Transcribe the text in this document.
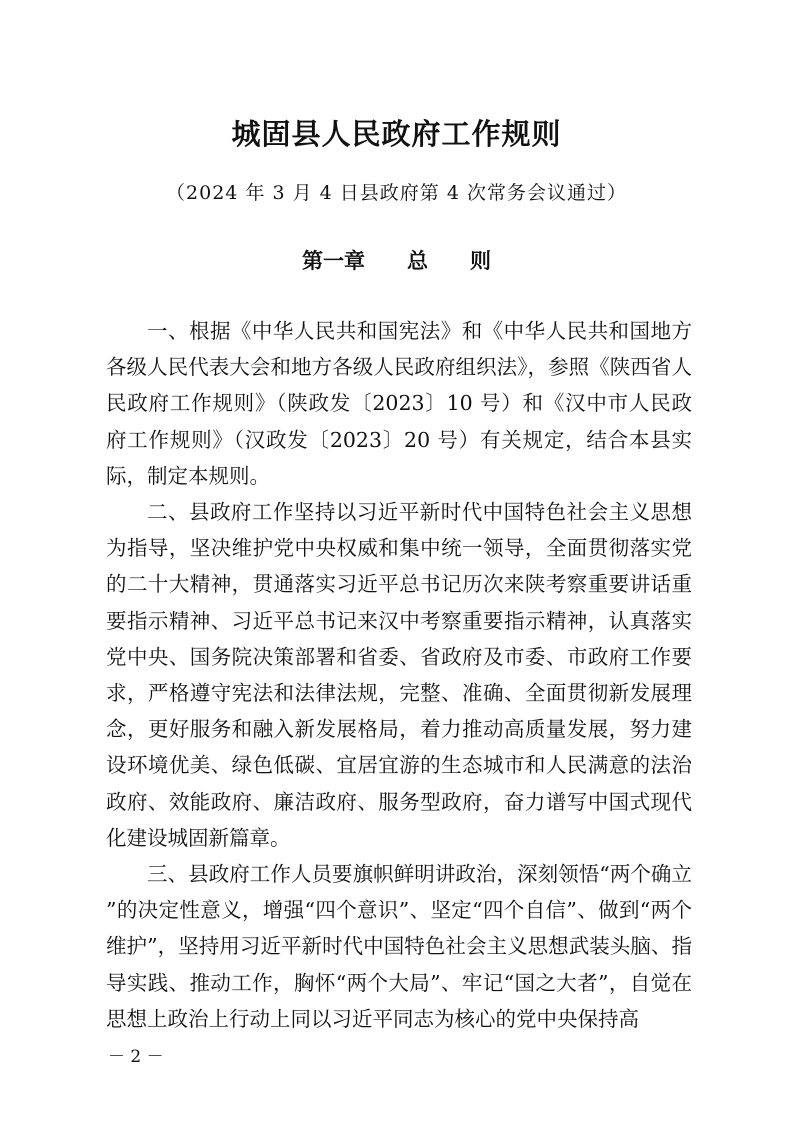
城固县人民政府工作规则

（2024 年 3 月 4 日县政府第 4 次常务会议通过）

第一章　　总　　则

一、根据《中华人民共和国宪法》和《中华人民共和国地方各级人民代表大会和地方各级人民政府组织法》，参照《陕西省人民政府工作规则》（陕政发〔2023〕10 号）和《汉中市人民政府工作规则》（汉政发〔2023〕20 号）有关规定，结合本县实际，制定本规则。

二、县政府工作坚持以习近平新时代中国特色社会主义思想为指导，坚决维护党中央权威和集中统一领导，全面贯彻落实党的二十大精神，贯通落实习近平总书记历次来陕考察重要讲话重要指示精神、习近平总书记来汉中考察重要指示精神，认真落实党中央、国务院决策部署和省委、省政府及市委、市政府工作要求，严格遵守宪法和法律法规，完整、准确、全面贯彻新发展理念，更好服务和融入新发展格局，着力推动高质量发展，努力建设环境优美、绿色低碳、宜居宜游的生态城市和人民满意的法治政府、效能政府、廉洁政府、服务型政府，奋力谱写中国式现代化建设城固新篇章。

三、县政府工作人员要旗帜鲜明讲政治，深刻领悟“两个确立”的决定性意义，增强“四个意识”、坚定“四个自信”、做到“两个维护”，坚持用习近平新时代中国特色社会主义思想武装头脑、指导实践、推动工作，胸怀“两个大局”、牢记“国之大者”，自觉在思想上政治上行动上同以习近平同志为核心的党中央保持高

－ 2 －
